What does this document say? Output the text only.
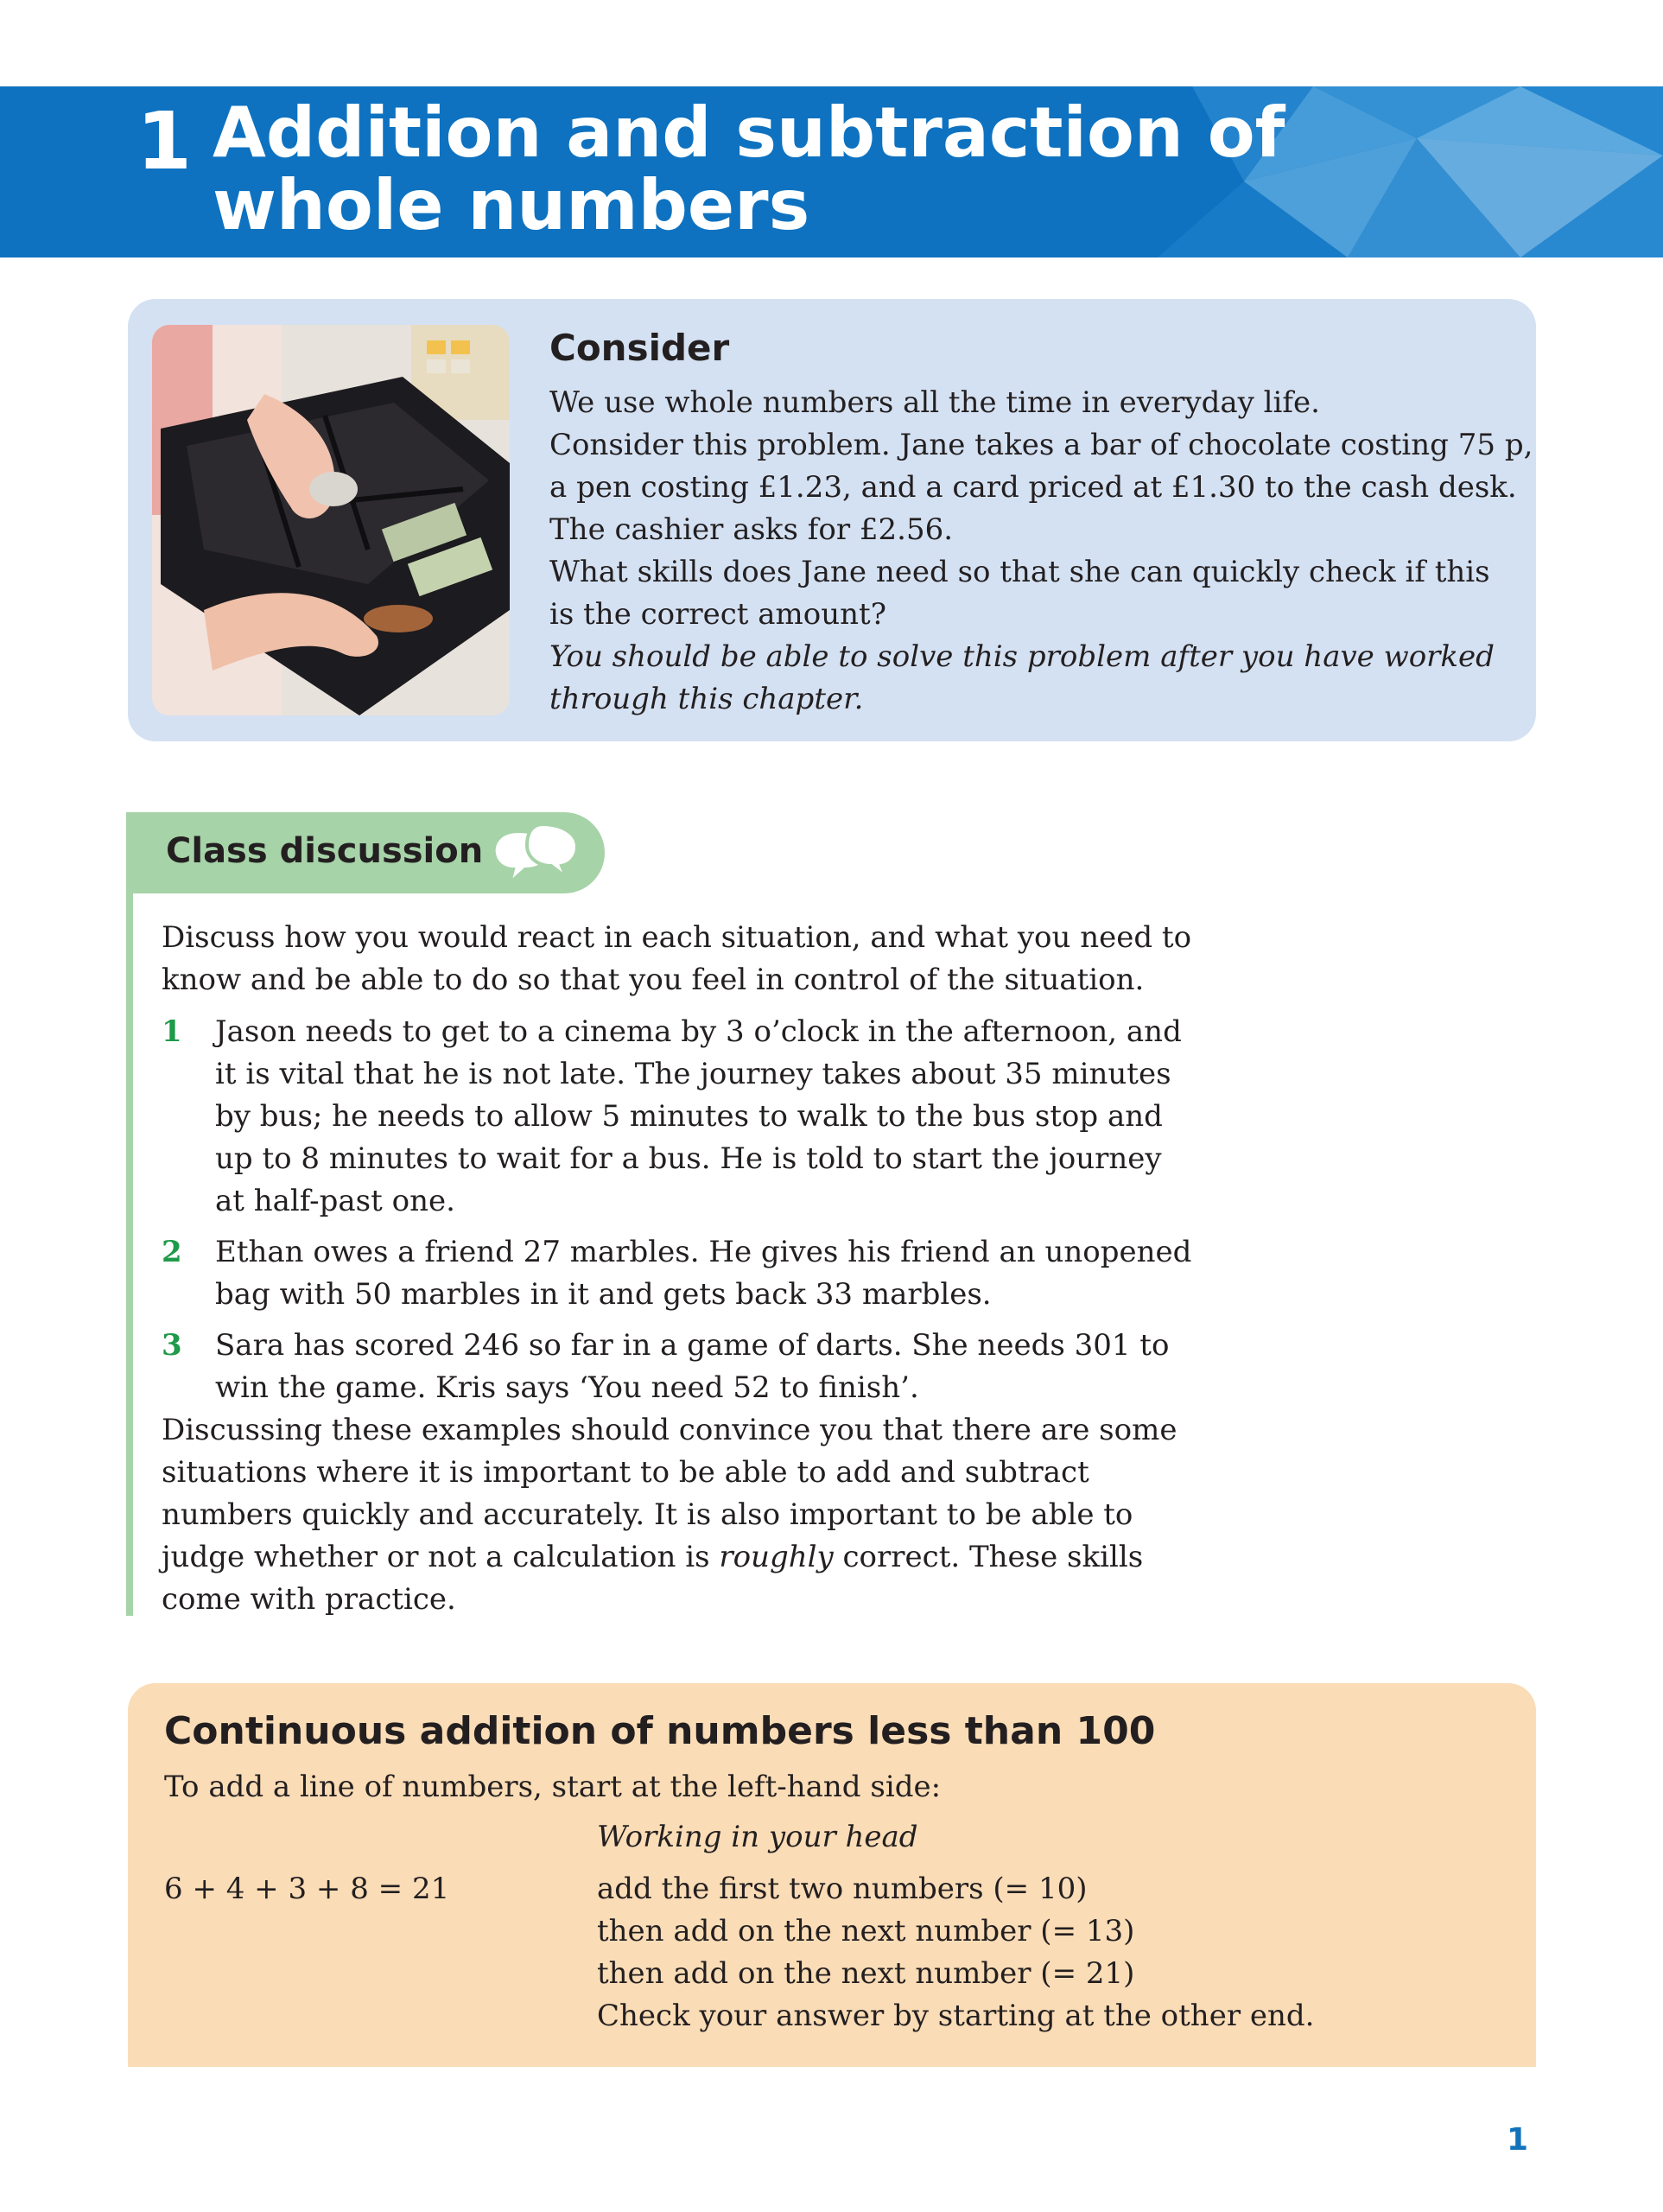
1 Addition and subtraction of
whole numbers
Consider
We use whole numbers all the time in everyday life.
Consider this problem. Jane takes a bar of chocolate costing 75 p,
a pen costing £1.23, and a card priced at £1.30 to the cash desk.
The cashier asks for £2.56.
What skills does Jane need so that she can quickly check if this
is the correct amount?
You should be able to solve this problem after you have worked
through this chapter.
Class discussion
Discuss how you would react in each situation, and what you need to
know and be able to do so that you feel in control of the situation.
1 Jason needs to get to a cinema by 3 o’clock in the afternoon, and
it is vital that he is not late. The journey takes about 35 minutes
by bus; he needs to allow 5 minutes to walk to the bus stop and
up to 8 minutes to wait for a bus. He is told to start the journey
at half-past one.
2 Ethan owes a friend 27 marbles. He gives his friend an unopened
bag with 50 marbles in it and gets back 33 marbles.
3 Sara has scored 246 so far in a game of darts. She needs 301 to
win the game. Kris says ‘You need 52 to finish’.
Discussing these examples should convince you that there are some
situations where it is important to be able to add and subtract
numbers quickly and accurately. It is also important to be able to
judge whether or not a calculation is roughly correct. These skills
come with practice.
Continuous addition of numbers less than 100
To add a line of numbers, start at the left-hand side:
Working in your head
6 + 4 + 3 + 8 = 21	add the first two numbers (= 10)
then add on the next number (= 13)
then add on the next number (= 21)
Check your answer by starting at the other end.
1
